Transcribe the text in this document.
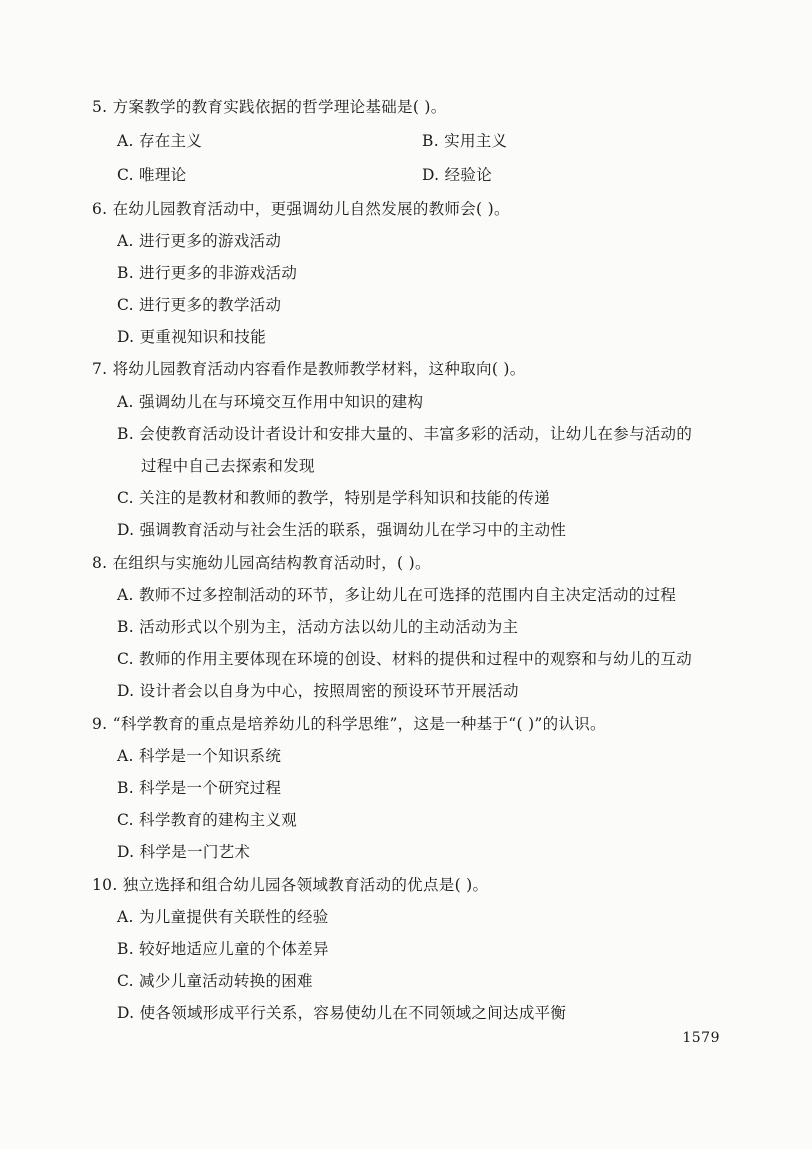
5. 方案教学的教育实践依据的哲学理论基础是( )。
A. 存在主义	B. 实用主义
C. 唯理论	D. 经验论
6. 在幼儿园教育活动中，更强调幼儿自然发展的教师会( )。
A. 进行更多的游戏活动
B. 进行更多的非游戏活动
C. 进行更多的教学活动
D. 更重视知识和技能
7. 将幼儿园教育活动内容看作是教师教学材料，这种取向( )。
A. 强调幼儿在与环境交互作用中知识的建构
B. 会使教育活动设计者设计和安排大量的、丰富多彩的活动，让幼儿在参与活动的
过程中自己去探索和发现
C. 关注的是教材和教师的教学，特别是学科知识和技能的传递
D. 强调教育活动与社会生活的联系，强调幼儿在学习中的主动性
8. 在组织与实施幼儿园高结构教育活动时，( )。
A. 教师不过多控制活动的环节，多让幼儿在可选择的范围内自主决定活动的过程
B. 活动形式以个别为主，活动方法以幼儿的主动活动为主
C. 教师的作用主要体现在环境的创设、材料的提供和过程中的观察和与幼儿的互动
D. 设计者会以自身为中心，按照周密的预设环节开展活动
9. “科学教育的重点是培养幼儿的科学思维”，这是一种基于“( )”的认识。
A. 科学是一个知识系统
B. 科学是一个研究过程
C. 科学教育的建构主义观
D. 科学是一门艺术
10. 独立选择和组合幼儿园各领域教育活动的优点是( )。
A. 为儿童提供有关联性的经验
B. 较好地适应儿童的个体差异
C. 减少儿童活动转换的困难
D. 使各领域形成平行关系，容易使幼儿在不同领域之间达成平衡
1579
